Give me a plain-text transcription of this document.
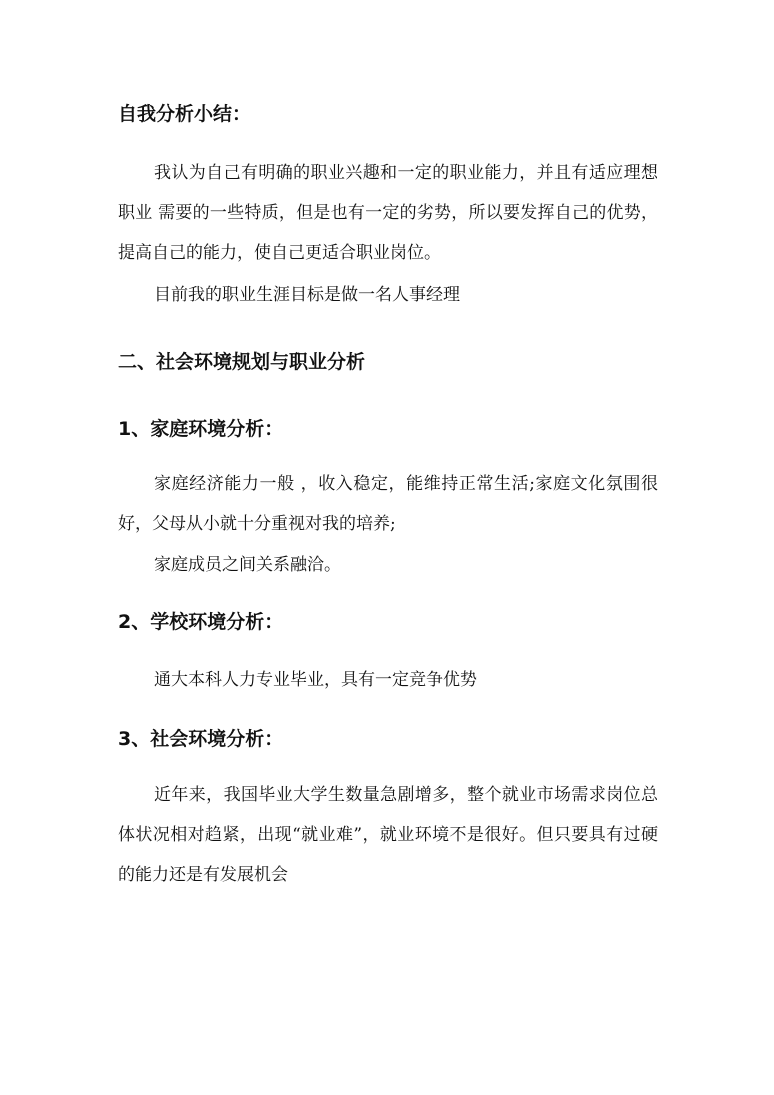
自我分析小结：

我认为自己有明确的职业兴趣和一定的职业能力，并且有适应理想职业 需要的一些特质，但是也有一定的劣势，所以要发挥自己的优势，提高自己的能力，使自己更适合职业岗位。

目前我的职业生涯目标是做一名人事经理

二、社会环境规划与职业分析
1、家庭环境分析：

家庭经济能力一般 ，收入稳定，能维持正常生活;家庭文化氛围很好，父母从小就十分重视对我的培养;

家庭成员之间关系融洽。

2、学校环境分析：

通大本科人力专业毕业，具有一定竞争优势

3、社会环境分析：

近年来，我国毕业大学生数量急剧增多，整个就业市场需求岗位总体状况相对趋紧，出现“就业难”，就业环境不是很好。但只要具有过硬的能力还是有发展机会
